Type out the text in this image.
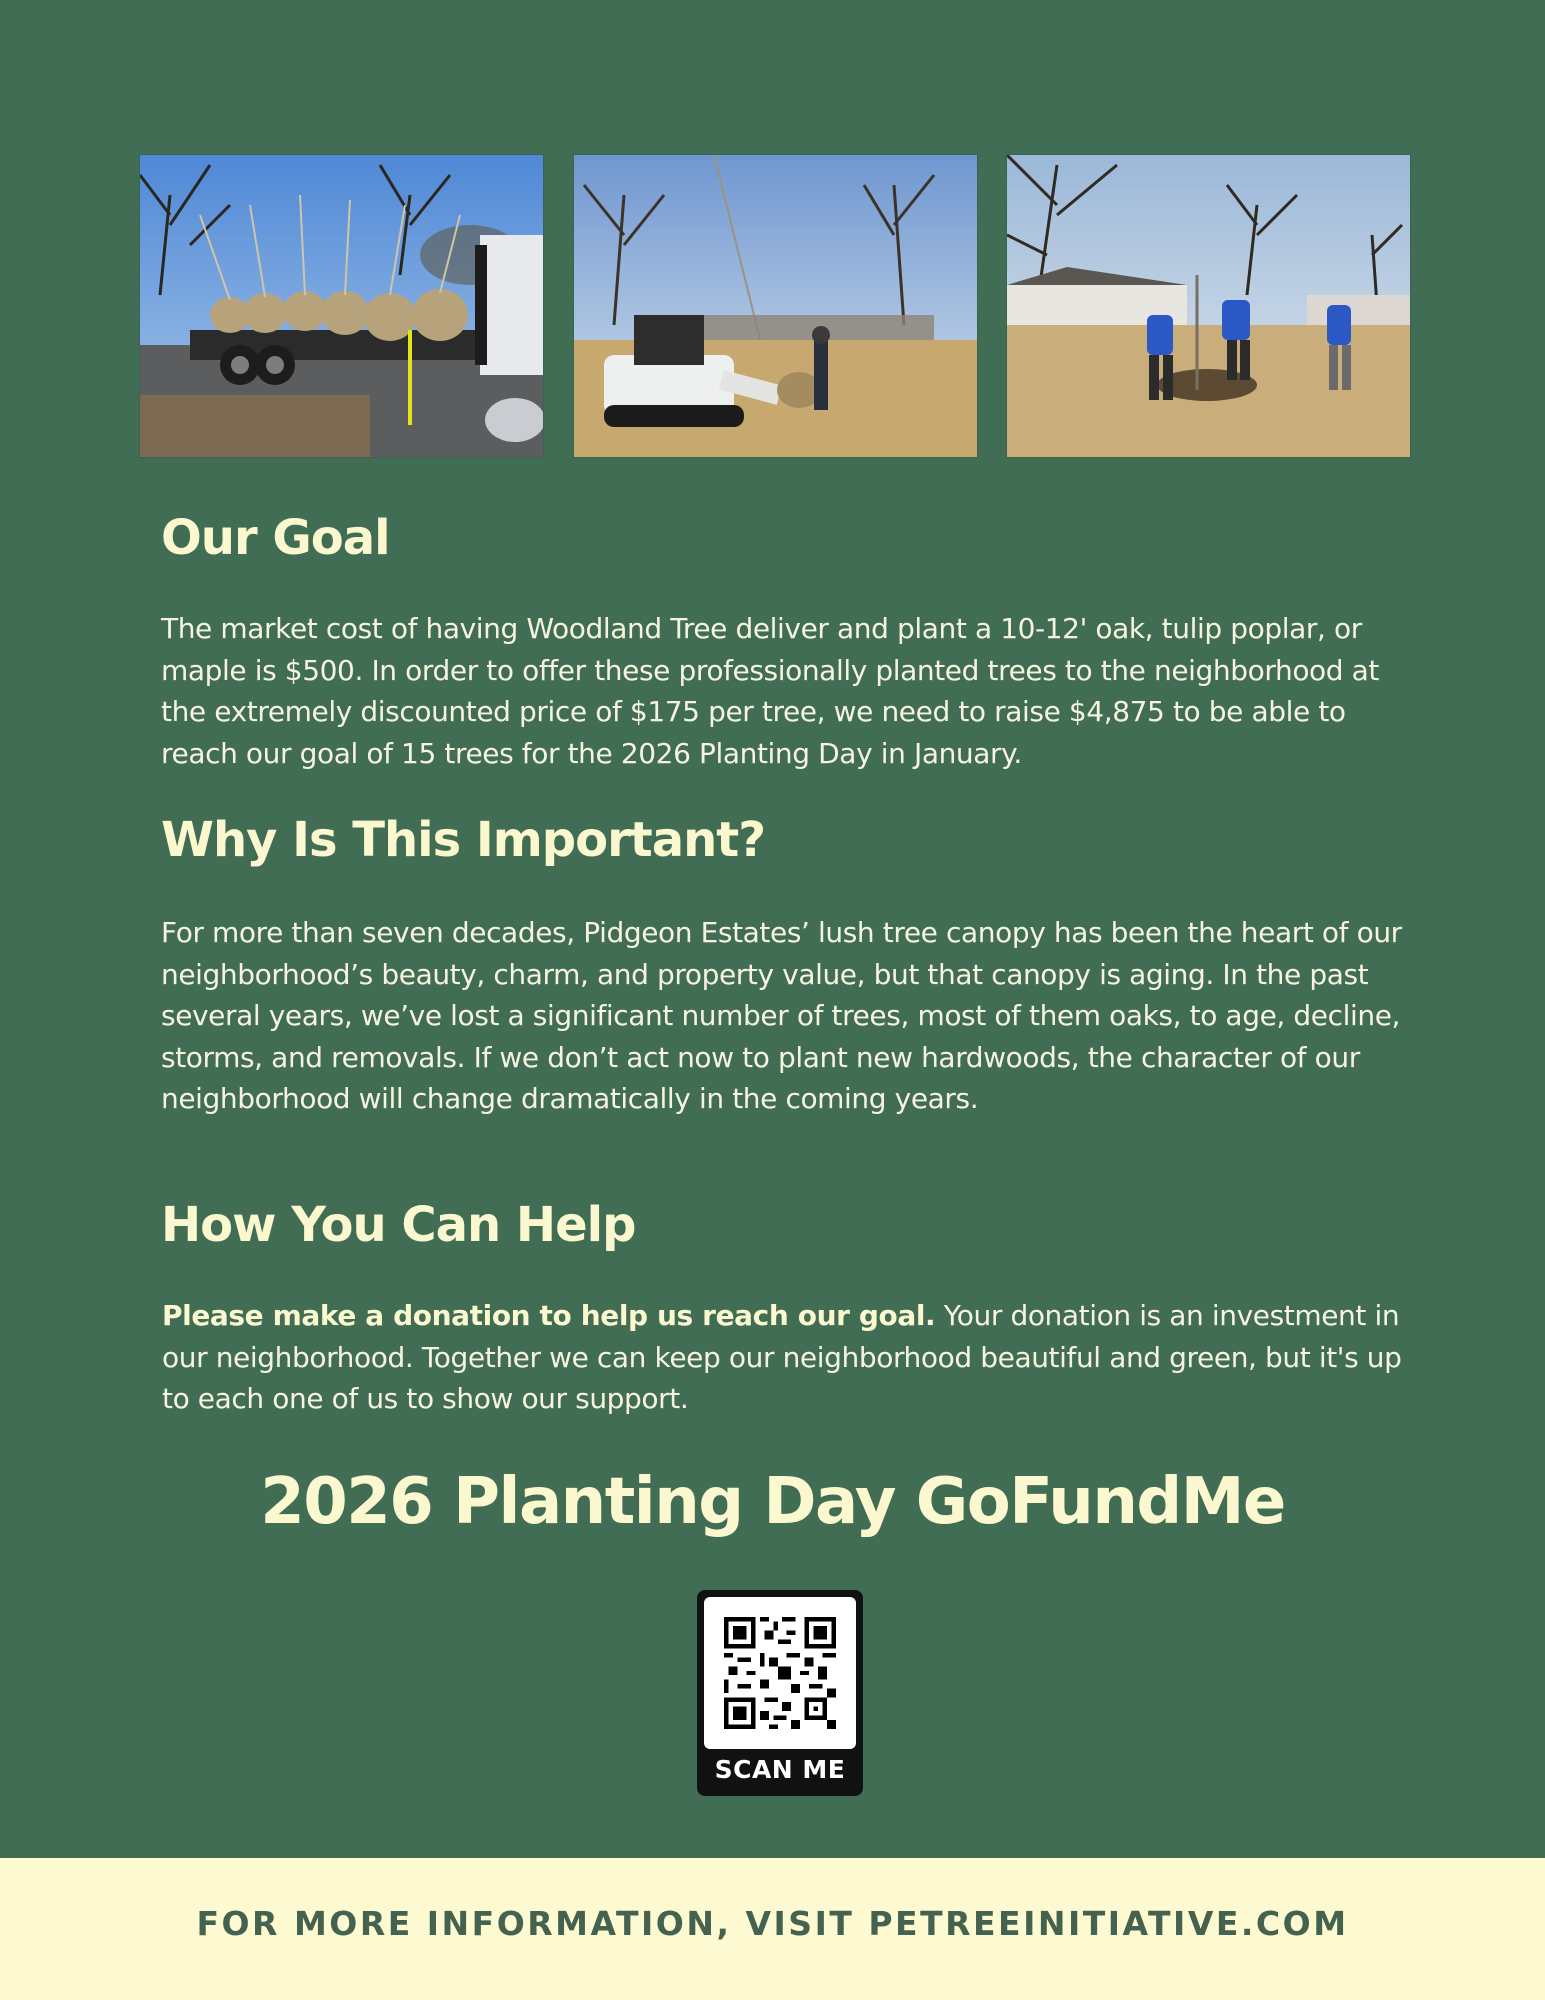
Our Goal

The market cost of having Woodland Tree deliver and plant a 10-12' oak, tulip poplar, or maple is $500. In order to offer these professionally planted trees to the neighborhood at the extremely discounted price of $175 per tree, we need to raise $4,875 to be able to reach our goal of 15 trees for the 2026 Planting Day in January.

Why Is This Important?

For more than seven decades, Pidgeon Estates’ lush tree canopy has been the heart of our neighborhood’s beauty, charm, and property value, but that canopy is aging. In the past several years, we’ve lost a significant number of trees, most of them oaks, to age, decline, storms, and removals. If we don’t act now to plant new hardwoods, the character of our neighborhood will change dramatically in the coming years.

How You Can Help

Please make a donation to help us reach our goal. Your donation is an investment in our neighborhood. Together we can keep our neighborhood beautiful and green, but it's up to each one of us to show our support.

2026 Planting Day GoFundMe
SCAN ME
FOR MORE INFORMATION, VISIT PETREEINITIATIVE.COM
